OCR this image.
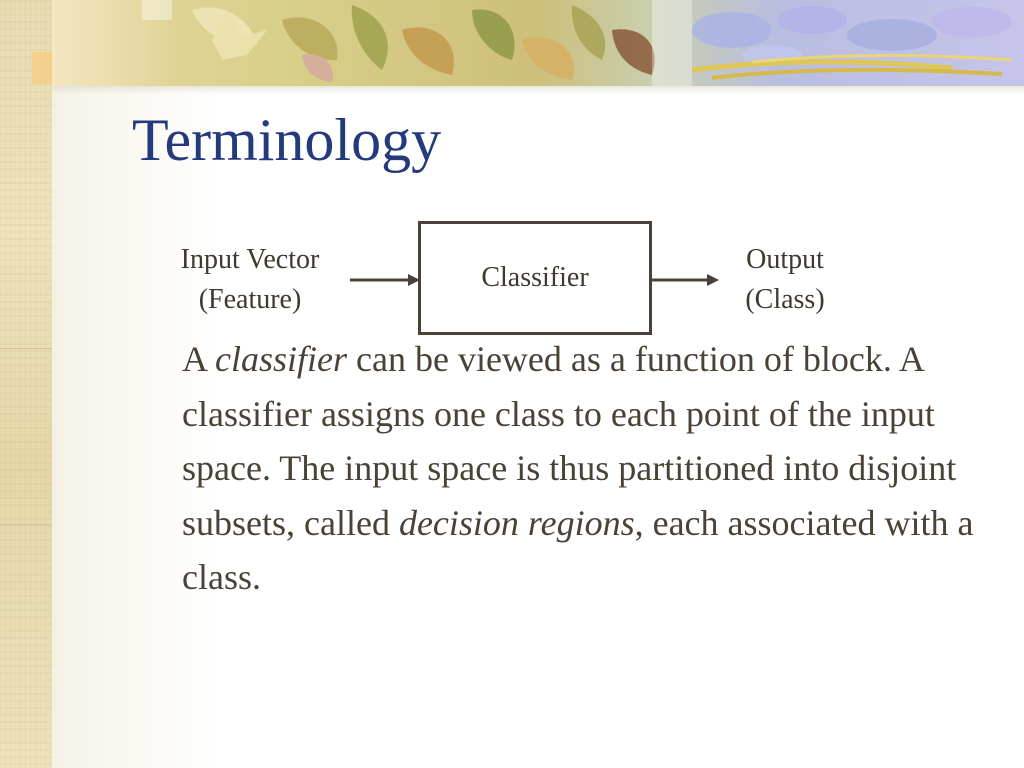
Terminology
Input Vector
(Feature)
Classifier
Output
(Class)

A classifier can be viewed as a function of block. A classifier assigns one class to each point of the input space. The input space is thus partitioned into disjoint subsets, called decision regions, each associated with a class.
